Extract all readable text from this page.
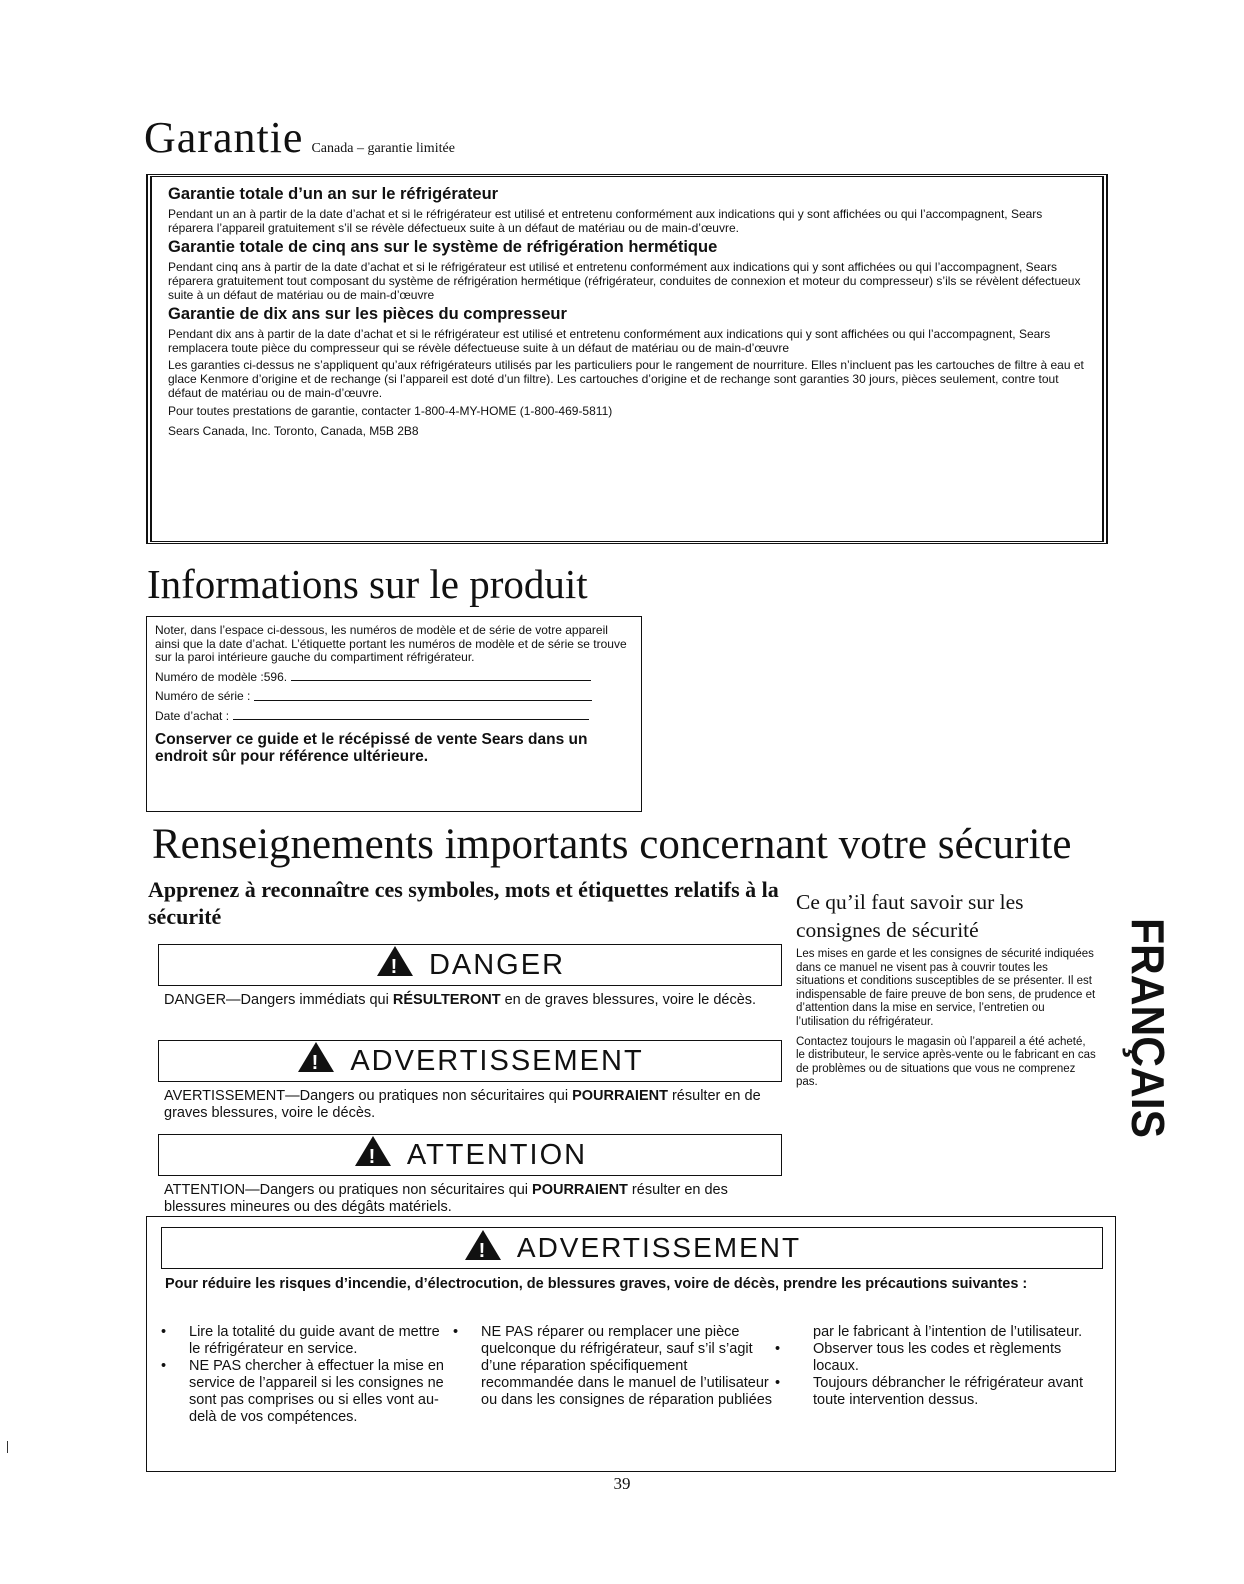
Garantie Canada – garantie limitée
Garantie totale d’un an sur le réfrigérateur
Pendant un an à partir de la date d’achat et si le réfrigérateur est utilisé et entretenu conformément aux indications qui y sont affichées ou qui l’accompagnent, Sears réparera l’appareil gratuitement s’il se révèle défectueux suite à un défaut de matériau ou de main-d’œuvre.
Garantie totale de cinq ans sur le système de réfrigération hermétique
Pendant cinq ans à partir de la date d’achat et si le réfrigérateur est utilisé et entretenu conformément aux indications qui y sont affichées ou qui l’accompagnent, Sears réparera gratuitement tout composant du système de réfrigération hermétique (réfrigérateur, conduites de connexion et moteur du compresseur) s’ils se révèlent défectueux suite à un défaut de matériau ou de main-d’œuvre
Garantie de dix ans sur les pièces du compresseur
Pendant dix ans à partir de la date d’achat et si le réfrigérateur est utilisé et entretenu conformément aux indications qui y sont affichées ou qui l’accompagnent, Sears remplacera toute pièce du compresseur qui se révèle défectueuse suite à un défaut de matériau ou de main-d’œuvre
Les garanties ci-dessus ne s’appliquent qu’aux réfrigérateurs utilisés par les particuliers pour le rangement de nourriture. Elles n’incluent pas les cartouches de filtre à eau et glace Kenmore d’origine et de rechange (si l’appareil est doté d’un filtre). Les cartouches d’origine et de rechange sont garanties 30 jours, pièces seulement, contre tout défaut de matériau ou de main-d’œuvre.
Pour toutes prestations de garantie, contacter 1-800-4-MY-HOME (1-800-469-5811)
Sears Canada, Inc. Toronto, Canada, M5B 2B8
Informations sur le produit
Noter, dans l’espace ci-dessous, les numéros de modèle et de série de votre appareil ainsi que la date d’achat. L’étiquette portant les numéros de modèle et de série se trouve sur la paroi intérieure gauche du compartiment réfrigérateur.
Numéro de modèle :596.
Numéro de série :
Date d’achat :
Conserver ce guide et le récépissé de vente Sears dans un endroit sûr pour référence ultérieure.
Renseignements importants concernant votre sécurite
Apprenez à reconnaître ces symboles, mots et étiquettes relatifs à la sécurité
! DANGER
DANGER—Dangers immédiats qui RÉSULTERONT en de graves blessures, voire le décès.
! ADVERTISSEMENT
AVERTISSEMENT—Dangers ou pratiques non sécuritaires qui POURRAIENT résulter en de graves blessures, voire le décès.
! ATTENTION
ATTENTION—Dangers ou pratiques non sécuritaires qui POURRAIENT résulter en des blessures mineures ou des dégâts matériels.
Ce qu’il faut savoir sur les consignes de sécurité
Les mises en garde et les consignes de sécurité indiquées dans ce manuel ne visent pas à couvrir toutes les situations et conditions susceptibles de se présenter. Il est indispensable de faire preuve de bon sens, de prudence et d’attention dans la mise en service, l’entretien ou l’utilisation du réfrigérateur.
Contactez toujours le magasin où l’appareil a été acheté, le distributeur, le service après-vente ou le fabricant en cas de problèmes ou de situations que vous ne comprenez pas.	FRANÇAIS
! ADVERTISSEMENT
Pour réduire les risques d’incendie, d’électrocution, de blessures graves, voire de décès, prendre les précautions suivantes :
• Lire la totalité du guide avant de mettre le réfrigérateur en service.
• NE PAS chercher à effectuer la mise en service de l’appareil si les consignes ne sont pas comprises ou si elles vont au-delà de vos compétences.
• NE PAS réparer ou remplacer une pièce quelconque du réfrigérateur, sauf s’il s’agit d’une réparation spécifiquement recommandée dans le manuel de l’utilisateur ou dans les consignes de réparation publiées
par le fabricant à l’intention de l’utilisateur.
• Observer tous les codes et règlements locaux.
• Toujours débrancher le réfrigérateur avant toute intervention dessus.
39
